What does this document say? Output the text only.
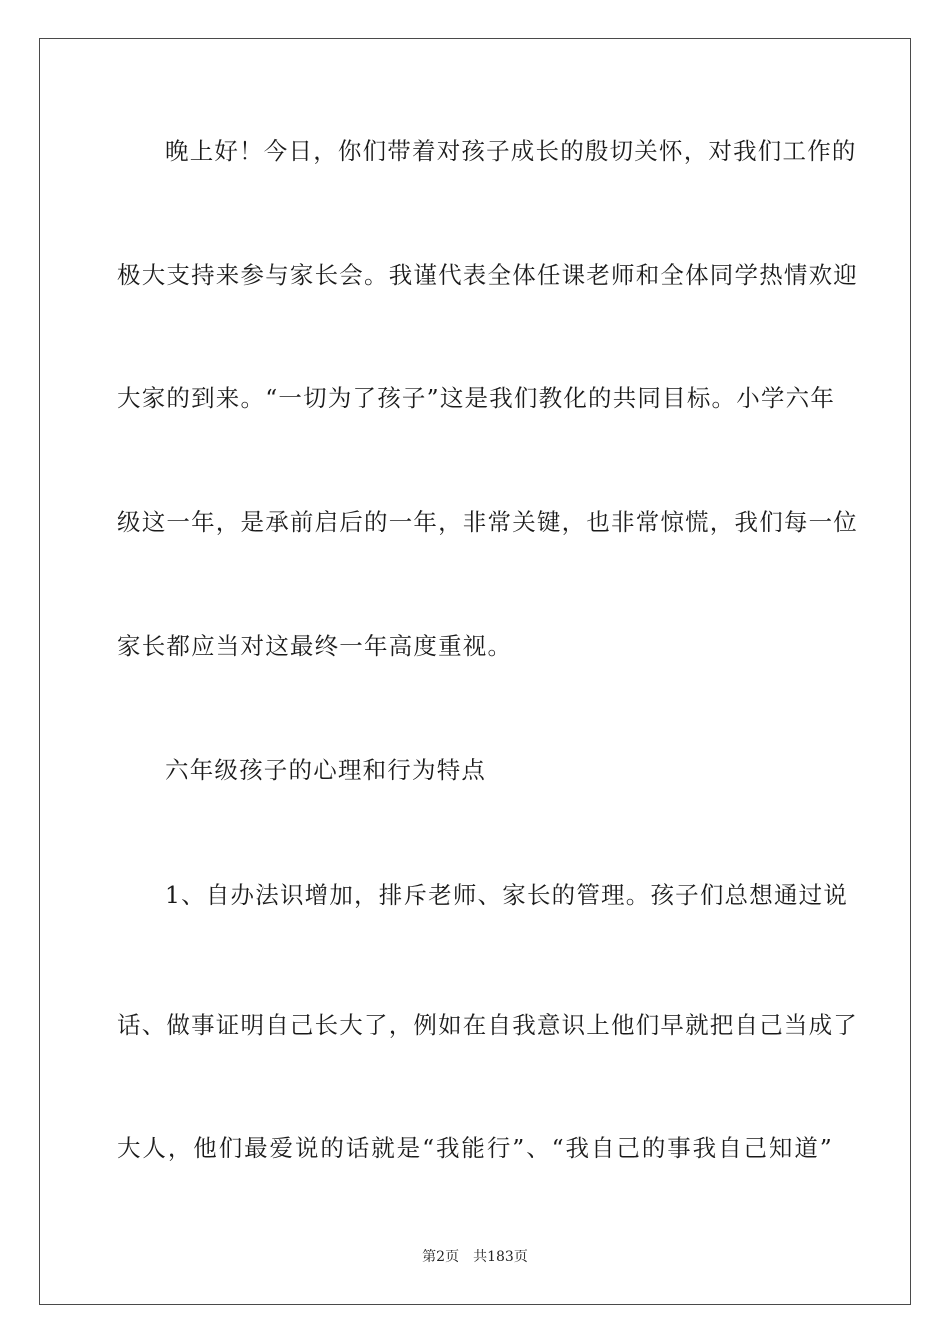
晚上好！今日，你们带着对孩子成长的殷切关怀，对我们工作的
极大支持来参与家长会。我谨代表全体任课老师和全体同学热情欢迎
大家的到来。“一切为了孩子”这是我们教化的共同目标。小学六年
级这一年，是承前启后的一年，非常关键，也非常惊慌，我们每一位
家长都应当对这最终一年高度重视。
六年级孩子的心理和行为特点
1、自办法识增加，排斥老师、家长的管理。孩子们总想通过说
话、做事证明自己长大了，例如在自我意识上他们早就把自己当成了
大人，他们最爱说的话就是“我能行”、“我自己的事我自己知道”
第2页 共183页
